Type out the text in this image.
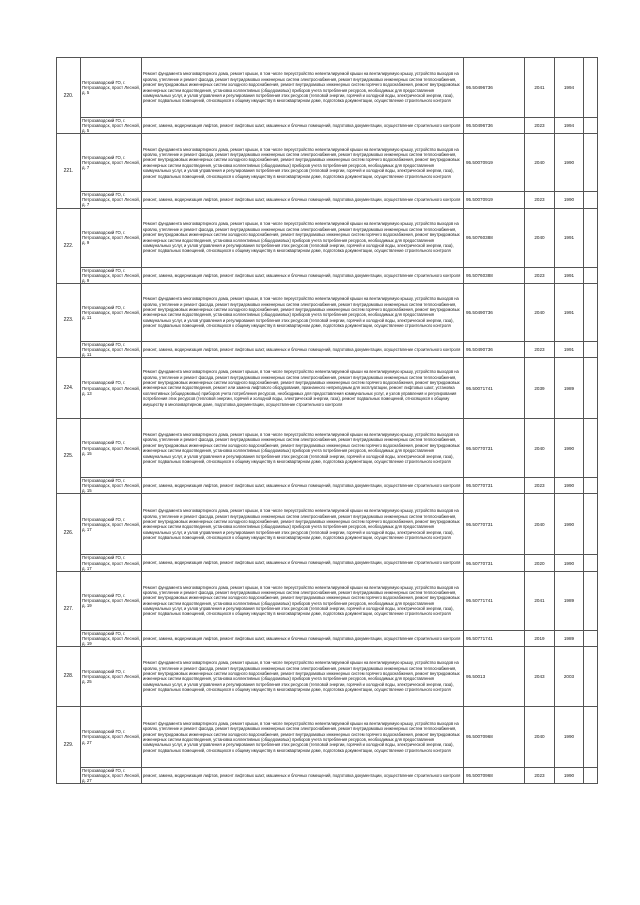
220.	Петрозаводский ГО, г. Петрозаводск, прост Лесной, д. 5	Ремонт фундамента многоквартирного дома, ремонт крыши, в том числе переустройство невентилируемой крыши на вентилируемую крышу, устройство выходов на кровлю, утепление и ремонт фасада, ремонт внутридомовых инженерных систем электроснабжения, ремонт внутридомовых инженерных систем теплоснабжения, ремонт внутридомовых инженерных систем холодного водоснабжения, ремонт внутридомовых инженерных систем горячего водоснабжения, ремонт внутридомовых инженерных систем водоотведения, установка коллективных (общедомовых) приборов учета потребления ресурсов, необходимых для предоставления коммунальных услуг, и узлов управления и регулирования потребления этих ресурсов (тепловой энергии, горячей и холодной воды, электрической энергии, газа), ремонт подвальных помещений, относящихся к общему имуществу в многоквартирном доме, подготовка документации, осуществление строительного контроля	95.50496736	2041	1994	
	Петрозаводский ГО, г. Петрозаводск, прост Лесной, д. 5	ремонт, замена, модернизация лифтов, ремонт лифтовых шахт, машинных и блочных помещений, подготовка документации, осуществление строительного контроля	95.50496736	2023	1994	
221.	Петрозаводский ГО, г. Петрозаводск, прост Лесной, д. 7	Ремонт фундамента многоквартирного дома, ремонт крыши, в том числе переустройство невентилируемой крыши на вентилируемую крышу, устройство выходов на кровлю, утепление и ремонт фасада, ремонт внутридомовых инженерных систем электроснабжения, ремонт внутридомовых инженерных систем теплоснабжения, ремонт внутридомовых инженерных систем холодного водоснабжения, ремонт внутридомовых инженерных систем горячего водоснабжения, ремонт внутридомовых инженерных систем водоотведения, установка коллективных (общедомовых) приборов учета потребления ресурсов, необходимых для предоставления коммунальных услуг, и узлов управления и регулирования потребления этих ресурсов (тепловой энергии, горячей и холодной воды, электрической энергии, газа), ремонт подвальных помещений, относящихся к общему имуществу в многоквартирном доме, подготовка документации, осуществление строительного контроля	95.50070919	2040	1990	
	Петрозаводский ГО, г. Петрозаводск, прост Лесной, д. 7	ремонт, замена, модернизация лифтов, ремонт лифтовых шахт, машинных и блочных помещений, подготовка документации, осуществление строительного контроля	95.50070919	2023	1990	
222.	Петрозаводский ГО, г. Петрозаводск, прост Лесной, д. 9	Ремонт фундамента многоквартирного дома, ремонт крыши, в том числе переустройство невентилируемой крыши на вентилируемую крышу, устройство выходов на кровлю, утепление и ремонт фасада, ремонт внутридомовых инженерных систем электроснабжения, ремонт внутридомовых инженерных систем теплоснабжения, ремонт внутридомовых инженерных систем холодного водоснабжения, ремонт внутридомовых инженерных систем горячего водоснабжения, ремонт внутридомовых инженерных систем водоотведения, установка коллективных (общедомовых) приборов учета потребления ресурсов, необходимых для предоставления коммунальных услуг, и узлов управления и регулирования потребления этих ресурсов (тепловой энергии, горячей и холодной воды, электрической энергии, газа), ремонт подвальных помещений, относящихся к общему имуществу в многоквартирном доме, подготовка документации, осуществление строительного контроля	95.50760388	2040	1991	
	Петрозаводский ГО, г. Петрозаводск, прост Лесной, д. 9	ремонт, замена, модернизация лифтов, ремонт лифтовых шахт, машинных и блочных помещений, подготовка документации, осуществление строительного контроля	95.50760388	2023	1991	
223.	Петрозаводский ГО, г. Петрозаводск, прост Лесной, д. 11	Ремонт фундамента многоквартирного дома, ремонт крыши, в том числе переустройство невентилируемой крыши на вентилируемую крышу, устройство выходов на кровлю, утепление и ремонт фасада, ремонт внутридомовых инженерных систем электроснабжения, ремонт внутридомовых инженерных систем теплоснабжения, ремонт внутридомовых инженерных систем холодного водоснабжения, ремонт внутридомовых инженерных систем горячего водоснабжения, ремонт внутридомовых инженерных систем водоотведения, установка коллективных (общедомовых) приборов учета потребления ресурсов, необходимых для предоставления коммунальных услуг, и узлов управления и регулирования потребления этих ресурсов (тепловой энергии, горячей и холодной воды, электрической энергии, газа), ремонт подвальных помещений, относящихся к общему имуществу в многоквартирном доме, подготовка документации, осуществление строительного контроля	95.50490736	2040	1991	
	Петрозаводский ГО, г. Петрозаводск, прост Лесной, д. 11	ремонт, замена, модернизация лифтов, ремонт лифтовых шахт, машинных и блочных помещений, подготовка документации, осуществление строительного контроля	95.50490736	2023	1991	
224.	Петрозаводский ГО, г. Петрозаводск, прост Лесной, д. 13	Ремонт фундамента многоквартирного дома, ремонт крыши, в том числе переустройство невентилируемой крыши на вентилируемую крышу, устройство выходов на кровлю, утепление и ремонт фасада, ремонт внутридомовых инженерных систем электроснабжения, ремонт внутридомовых инженерных систем теплоснабжения, ремонт внутридомовых инженерных систем холодного водоснабжения, ремонт внутридомовых инженерных систем горячего водоснабжения, ремонт внутридомовых инженерных систем водоотведения, ремонт или замена лифтового оборудования, признанного непригодным для эксплуатации, ремонт лифтовых шахт, установка коллективных (общедомовых) приборов учета потребления ресурсов, необходимых для предоставления коммунальных услуг, и узлов управления и регулирования потребления этих ресурсов (тепловой энергии, горячей и холодной воды, электрической энергии, газа), ремонт подвальных помещений, относящихся к общему имуществу в многоквартирном доме, подготовка документации, осуществление строительного контроля	95.50071741	2039	1989	
225.	Петрозаводский ГО, г. Петрозаводск, прост Лесной, д. 15	Ремонт фундамента многоквартирного дома, ремонт крыши, в том числе переустройство невентилируемой крыши на вентилируемую крышу, устройство выходов на кровлю, утепление и ремонт фасада, ремонт внутридомовых инженерных систем электроснабжения, ремонт внутридомовых инженерных систем теплоснабжения, ремонт внутридомовых инженерных систем холодного водоснабжения, ремонт внутридомовых инженерных систем горячего водоснабжения, ремонт внутридомовых инженерных систем водоотведения, установка коллективных (общедомовых) приборов учета потребления ресурсов, необходимых для предоставления коммунальных услуг, и узлов управления и регулирования потребления этих ресурсов (тепловой энергии, горячей и холодной воды, электрической энергии, газа), ремонт подвальных помещений, относящихся к общему имуществу в многоквартирном доме, подготовка документации, осуществление строительного контроля	95.50770731	2040	1990	
	Петрозаводский ГО, г. Петрозаводск, прост Лесной, д. 15	ремонт, замена, модернизация лифтов, ремонт лифтовых шахт, машинных и блочных помещений, подготовка документации, осуществление строительного контроля	95.50770731	2023	1990	
226.	Петрозаводский ГО, г. Петрозаводск, прост Лесной, д. 17	Ремонт фундамента многоквартирного дома, ремонт крыши, в том числе переустройство невентилируемой крыши на вентилируемую крышу, устройство выходов на кровлю, утепление и ремонт фасада, ремонт внутридомовых инженерных систем электроснабжения, ремонт внутридомовых инженерных систем теплоснабжения, ремонт внутридомовых инженерных систем холодного водоснабжения, ремонт внутридомовых инженерных систем горячего водоснабжения, ремонт внутридомовых инженерных систем водоотведения, установка коллективных (общедомовых) приборов учета потребления ресурсов, необходимых для предоставления коммунальных услуг, и узлов управления и регулирования потребления этих ресурсов (тепловой энергии, горячей и холодной воды, электрической энергии, газа), ремонт подвальных помещений, относящихся к общему имуществу в многоквартирном доме, подготовка документации, осуществление строительного контроля	95.50770731	2040	1990	
	Петрозаводский ГО, г. Петрозаводск, прост Лесной, д. 17	ремонт, замена, модернизация лифтов, ремонт лифтовых шахт, машинных и блочных помещений, подготовка документации, осуществление строительного контроля	95.50770731	2020	1990	
227.	Петрозаводский ГО, г. Петрозаводск, прост Лесной, д. 19	Ремонт фундамента многоквартирного дома, ремонт крыши, в том числе переустройство невентилируемой крыши на вентилируемую крышу, устройство выходов на кровлю, утепление и ремонт фасада, ремонт внутридомовых инженерных систем электроснабжения, ремонт внутридомовых инженерных систем теплоснабжения, ремонт внутридомовых инженерных систем холодного водоснабжения, ремонт внутридомовых инженерных систем горячего водоснабжения, ремонт внутридомовых инженерных систем водоотведения, установка коллективных (общедомовых) приборов учета потребления ресурсов, необходимых для предоставления коммунальных услуг, и узлов управления и регулирования потребления этих ресурсов (тепловой энергии, горячей и холодной воды, электрической энергии, газа), ремонт подвальных помещений, относящихся к общему имуществу в многоквартирном доме, подготовка документации, осуществление строительного контроля	95.50771741	2041	1989	
	Петрозаводский ГО, г. Петрозаводск, прост Лесной, д. 19	ремонт, замена, модернизация лифтов, ремонт лифтовых шахт, машинных и блочных помещений, подготовка документации, осуществление строительного контроля	95.50771741	2019	1989	
228.	Петрозаводский ГО, г. Петрозаводск, прост Лесной, д. 25	Ремонт фундамента многоквартирного дома, ремонт крыши, в том числе переустройство невентилируемой крыши на вентилируемую крышу, устройство выходов на кровлю, утепление и ремонт фасада, ремонт внутридомовых инженерных систем электроснабжения, ремонт внутридомовых инженерных систем теплоснабжения, ремонт внутридомовых инженерных систем холодного водоснабжения, ремонт внутридомовых инженерных систем горячего водоснабжения, ремонт внутридомовых инженерных систем водоотведения, установка коллективных (общедомовых) приборов учета потребления ресурсов, необходимых для предоставления коммунальных услуг, и узлов управления и регулирования потребления этих ресурсов (тепловой энергии, горячей и холодной воды, электрической энергии, газа), ремонт подвальных помещений, относящихся к общему имуществу в многоквартирном доме, подготовка документации, осуществление строительного контроля	95.50013	2043	2003	
229.	Петрозаводский ГО, г. Петрозаводск, прост Лесной, д. 27	Ремонт фундамента многоквартирного дома, ремонт крыши, в том числе переустройство невентилируемой крыши на вентилируемую крышу, устройство выходов на кровлю, утепление и ремонт фасада, ремонт внутридомовых инженерных систем электроснабжения, ремонт внутридомовых инженерных систем теплоснабжения, ремонт внутридомовых инженерных систем холодного водоснабжения, ремонт внутридомовых инженерных систем горячего водоснабжения, ремонт внутридомовых инженерных систем водоотведения, установка коллективных (общедомовых) приборов учета потребления ресурсов, необходимых для предоставления коммунальных услуг, и узлов управления и регулирования потребления этих ресурсов (тепловой энергии, горячей и холодной воды, электрической энергии, газа), ремонт подвальных помещений, относящихся к общему имуществу в многоквартирном доме, подготовка документации, осуществление строительного контроля	95.50070968	2040	1990	
	Петрозаводский ГО, г. Петрозаводск, прост Лесной, д. 27	ремонт, замена, модернизация лифтов, ремонт лифтовых шахт, машинных и блочных помещений, подготовка документации, осуществление строительного контроля	95.50070968	2023	1990	
